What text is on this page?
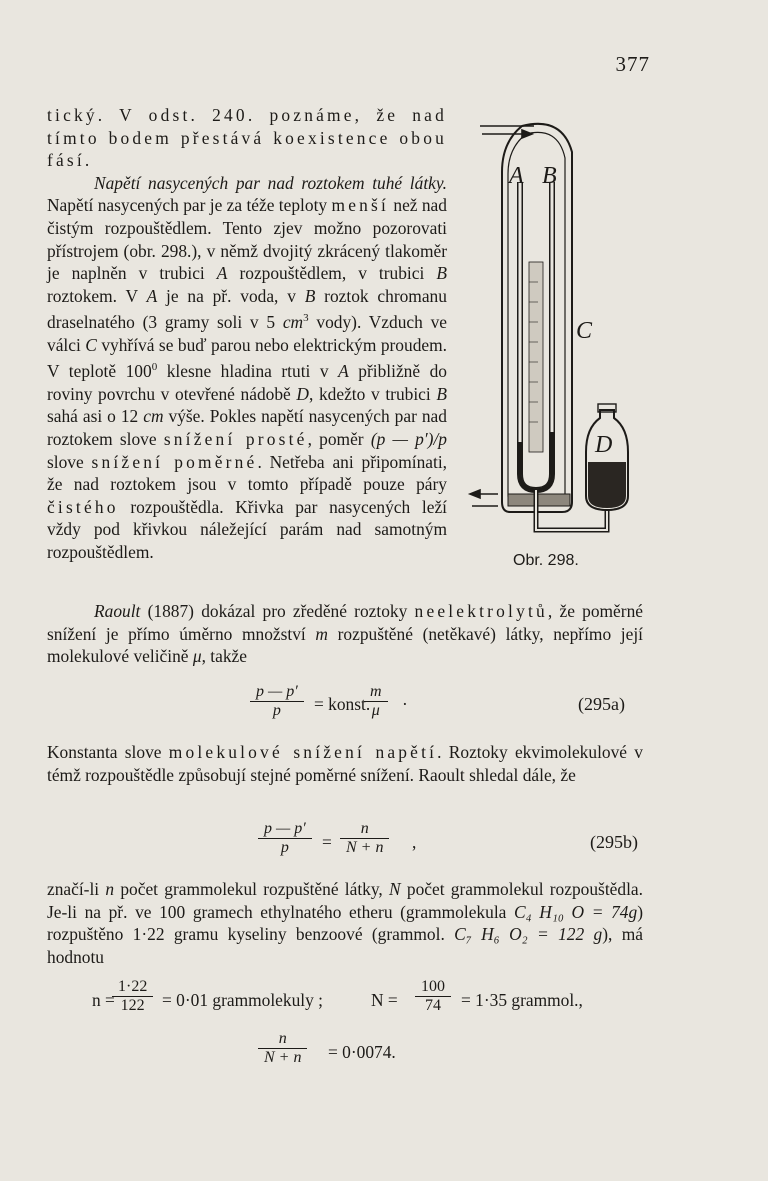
377

tický. V odst. 240. poznáme, že nad tímto bodem přestává koexistence obou fásí.

Napětí nasycených par nad roztokem tuhé látky. Napětí nasycených par je za téže teploty menší než nad čistým rozpouštědlem. Tento zjev možno pozorovati přístrojem (obr. 298.), v němž dvojitý zkrácený tlakoměr je naplněn v trubici A rozpouštědlem, v trubici B roztokem. V A je na př. voda, v B roztok chromanu draselnatého (3 gramy soli v 5 $cm^3$ vody). Vzduch ve válci C vyhřívá se buď parou nebo elektrickým proudem. V teplotě $100^0$ klesne hladina rtuti v A přibližně do roviny povrchu v otevřené nádobě D, kdežto v trubici B sahá asi o 12 cm výše. Pokles napětí nasycených par nad roztokem slove snížení prosté, poměr (p — p′)/p slove snížení poměrné. Netřeba ani připomínati, že nad roztokem jsou v tomto případě pouze páry čistého rozpouštědla. Křivka par nasycených leží vždy pod křivkou náležející parám nad samotným rozpouštědlem.

A B
C
D
Obr. 298.

Raoult (1887) dokázal pro zředěné roztoky neelektrolytů, že poměrné snížení je přímo úměrno množství m rozpuštěné (netěkavé) látky, nepřímo její molekulové veličině μ, takže

$\frac{p — p'}{p}$ = konst.
$\frac{m}{\mu}$ ·	(295a)

Konstanta slove molekulové snížení napětí. Roztoky ekvimolekulové v témž rozpouštědle způsobují stejné poměrné snížení. Raoult shledal dále, že

$\frac{p — p'}{p} = \frac{n}{N + n}$ ,	(295b)

značí-li n počet grammolekul rozpuštěné látky, N počet grammolekul rozpouštědla. Je-li na př. ve 100 gramech ethylnatého etheru (grammolekula C₄ H₁₀ O = 74g) rozpuštěno 1·22 gramu kyseliny benzoové (grammol. C₇ H₆ O₂ = 122 g), má hodnotu

n =
$\frac{1\cdot 22}{122} = 0\cdot 01$ grammolekuly ;	$N = \frac{100}{74} = 1\cdot 35$ grammol.,
$\frac{n}{N + n} = 0\cdot 0074$.
